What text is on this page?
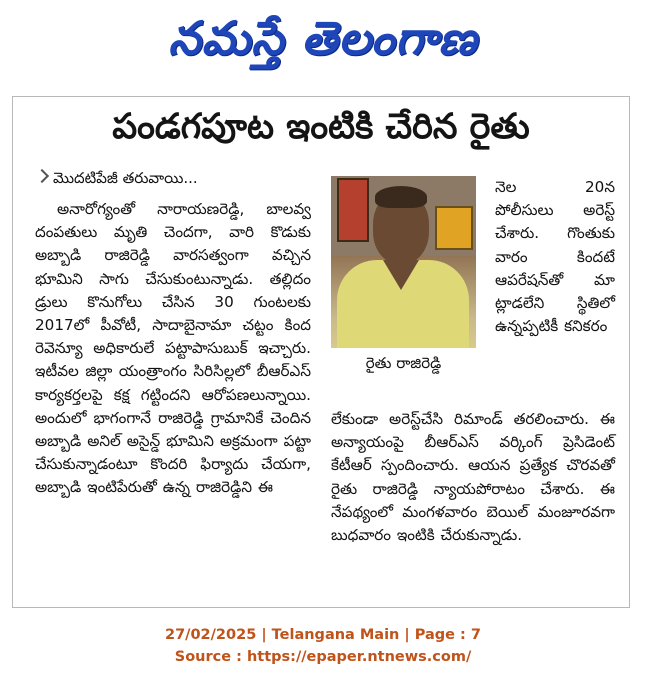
నమస్తే తెలంగాణ
పండగపూట ఇంటికి చేరిన రైతు
మొదటిపేజీ తరువాయి...

అనారోగ్యంతో నారాయణరెడ్డి, బాలవ్వ దంపతులు మృతి చెందగా, వారి కొడుకు అబ్బాడి రాజిరెడ్డి వారసత్వంగా వచ్చిన భూమిని సాగు చేసుకుంటున్నాడు. తల్లిదం డ్రులు కొనుగోలు చేసిన 30 గుంటలకు 2017లో పీవోటీ, సాదాబైనామా చట్టం కింద రెవెన్యూ అధికారులే పట్టాపాసుబుక్ ఇచ్చారు. ఇటీవల జిల్లా యంత్రాంగం సిరిసిల్లలో బీఆర్ఎస్ కార్యకర్తలపై కక్ష గట్టిందని ఆరోపణలున్నాయి. అందులో భాగంగానే రాజిరెడ్డి గ్రామానికే చెందిన అబ్బాడి అనిల్ అసైన్డ్ భూమిని అక్రమంగా పట్టా చేసుకున్నాడంటూ కొందరి ఫిర్యాదు చేయగా, అబ్బాడి ఇంటిపేరుతో ఉన్న రాజిరెడ్డిని ఈ

రైతు రాజిరెడ్డి

నెల 20న పోలీసులు అరెస్ట్ చేశారు. గొంతుకు వారం కిందటే ఆపరేషన్‌తో మా ట్లాడలేని స్థితిలో ఉన్నప్పటికీ కనికరం

లేకుండా అరెస్ట్‌చేసి రిమాండ్ తరలించారు. ఈ అన్యాయంపై బీఆర్ఎస్ వర్కింగ్ ప్రెసిడెంట్ కేటీఆర్ స్పందించారు. ఆయన ప్రత్యేక చొరవతో రైతు రాజిరెడ్డి న్యాయపోరాటం చేశారు. ఈ నేపథ్యంలో మంగళవారం బెయిల్ మంజూరవగా బుధవారం ఇంటికి చేరుకున్నాడు.

27/02/2025 | Telangana Main | Page : 7
Source : https://epaper.ntnews.com/
